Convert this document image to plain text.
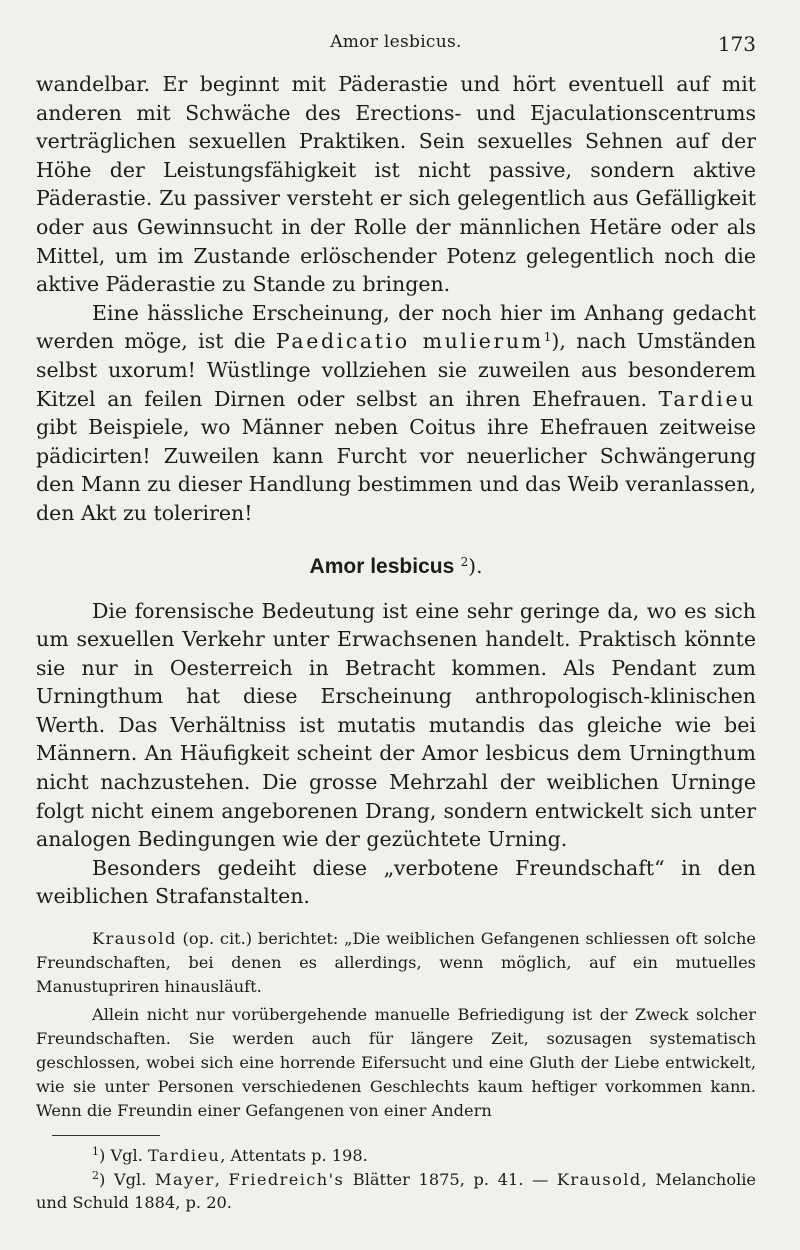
Amor lesbicus.	173

wandelbar. Er beginnt mit Päderastie und hört eventuell auf mit anderen mit Schwäche des Erections- und Ejaculationscentrums verträglichen sexuellen Praktiken. Sein sexuelles Sehnen auf der Höhe der Leistungsfähigkeit ist nicht passive, sondern aktive Päderastie. Zu passiver versteht er sich gelegentlich aus Gefälligkeit oder aus Gewinnsucht in der Rolle der männlichen Hetäre oder als Mittel, um im Zustande erlöschender Potenz gelegentlich noch die aktive Päderastie zu Stande zu bringen.

Eine hässliche Erscheinung, der noch hier im Anhang gedacht werden möge, ist die Paedicatio mulierum$^1$), nach Umständen selbst uxorum! Wüstlinge vollziehen sie zuweilen aus besonderem Kitzel an feilen Dirnen oder selbst an ihren Ehefrauen. Tardieu gibt Beispiele, wo Männer neben Coitus ihre Ehefrauen zeitweise pädicirten! Zuweilen kann Furcht vor neuerlicher Schwängerung den Mann zu dieser Handlung bestimmen und das Weib veranlassen, den Akt zu toleriren!

Amor lesbicus $^2$).

Die forensische Bedeutung ist eine sehr geringe da, wo es sich um sexuellen Verkehr unter Erwachsenen handelt. Praktisch könnte sie nur in Oesterreich in Betracht kommen. Als Pendant zum Urningthum hat diese Erscheinung anthropologisch-klinischen Werth. Das Verhältniss ist mutatis mutandis das gleiche wie bei Männern. An Häufigkeit scheint der Amor lesbicus dem Urningthum nicht nachzustehen. Die grosse Mehrzahl der weiblichen Urninge folgt nicht einem angeborenen Drang, sondern entwickelt sich unter analogen Bedingungen wie der gezüchtete Urning.

Besonders gedeiht diese „verbotene Freundschaft“ in den weiblichen Strafanstalten.

Krausold (op. cit.) berichtet: „Die weiblichen Gefangenen schliessen oft solche Freundschaften, bei denen es allerdings, wenn möglich, auf ein mutuelles Manustupriren hinausläuft.

Allein nicht nur vorübergehende manuelle Befriedigung ist der Zweck solcher Freundschaften. Sie werden auch für längere Zeit, sozusagen systematisch geschlossen, wobei sich eine horrende Eifersucht und eine Gluth der Liebe entwickelt, wie sie unter Personen verschiedenen Geschlechts kaum heftiger vorkommen kann. Wenn die Freundin einer Gefangenen von einer Andern

$^1$) Vgl. Tardieu, Attentats p. 198.

$^2$) Vgl. Mayer, Friedreich's Blätter 1875, p. 41. — Krausold, Melancholie und Schuld 1884, p. 20.
